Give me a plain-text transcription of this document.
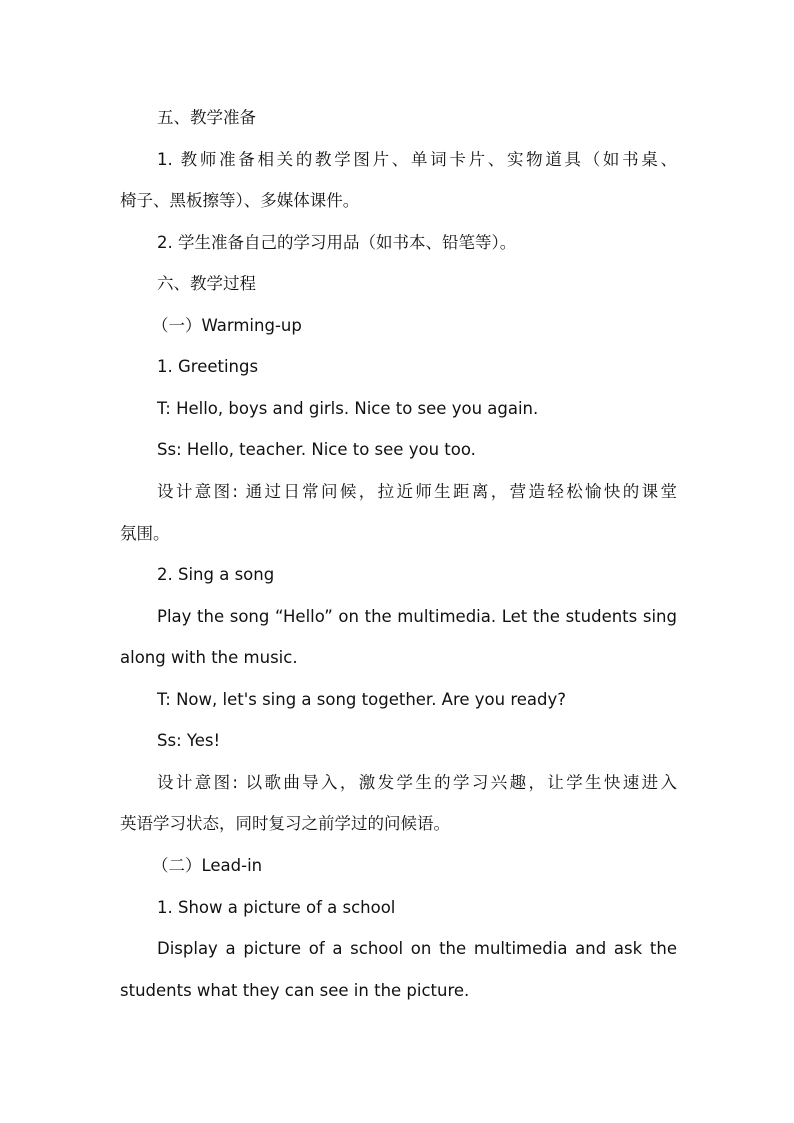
五、教学准备
1. 教师准备相关的教学图片、单词卡片、实物道具（如书桌、
椅子、黑板擦等）、多媒体课件。
2. 学生准备自己的学习用品（如书本、铅笔等）。
六、教学过程
（一）Warming-up
1. Greetings
T: Hello, boys and girls. Nice to see you again.
Ss: Hello, teacher. Nice to see you too.
设计意图: 通过日常问候，拉近师生距离，营造轻松愉快的课堂
氛围。
2. Sing a song
Play the song “Hello” on the multimedia. Let the students sing
along with the music.
T: Now, let's sing a song together. Are you ready?
Ss: Yes!
设计意图: 以歌曲导入，激发学生的学习兴趣，让学生快速进入
英语学习状态，同时复习之前学过的问候语。
（二）Lead-in
1. Show a picture of a school
Display a picture of a school on the multimedia and ask the
students what they can see in the picture.
